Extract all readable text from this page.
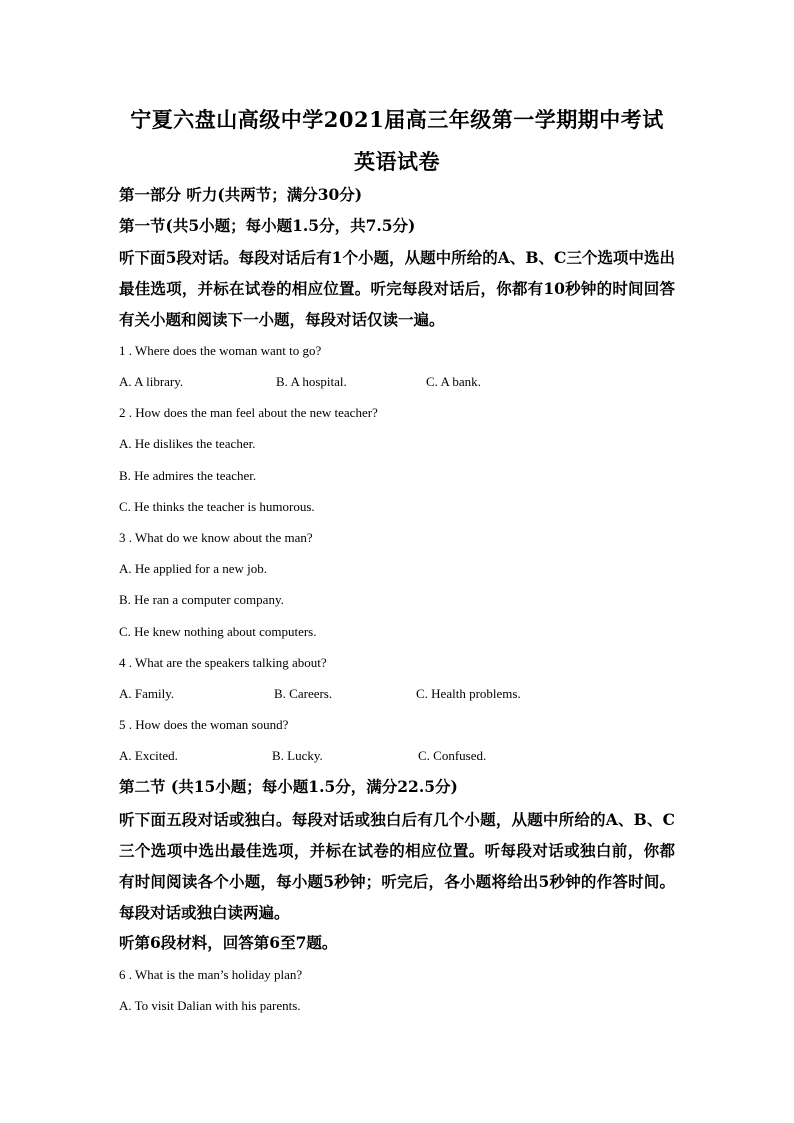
宁夏六盘山高级中学2021届高三年级第一学期期中考试
英语试卷
第一部分 听力(共两节；满分30分)
第一节(共5小题；每小题1.5分，共7.5分)
听下面5段对话。每段对话后有1个小题，从题中所给的A、B、C三个选项中选出最佳选项，并标在试卷的相应位置。听完每段对话后，你都有10秒钟的时间回答有关小题和阅读下一小题，每段对话仅读一遍。
1 . Where does the woman want to go?
A. A library.	B. A hospital.	C. A bank.
2 . How does the man feel about the new teacher?
A. He dislikes the teacher.
B. He admires the teacher.
C. He thinks the teacher is humorous.
3 . What do we know about the man?
A. He applied for a new job.
B. He ran a computer company.
C. He knew nothing about computers.
4 . What are the speakers talking about?
A. Family.	B. Careers.	C. Health problems.
5 . How does the woman sound?
A. Excited.	B. Lucky.	C. Confused.
第二节 (共15小题；每小题1.5分，满分22.5分)
听下面五段对话或独白。每段对话或独白后有几个小题，从题中所给的A、B、C三个选项中选出最佳选项，并标在试卷的相应位置。听每段对话或独白前，你都有时间阅读各个小题，每小题5秒钟；听完后，各小题将给出5秒钟的作答时间。每段对话或独白读两遍。
听第6段材料，回答第6至7题。
6 . What is the man’s holiday plan?
A. To visit Dalian with his parents.
